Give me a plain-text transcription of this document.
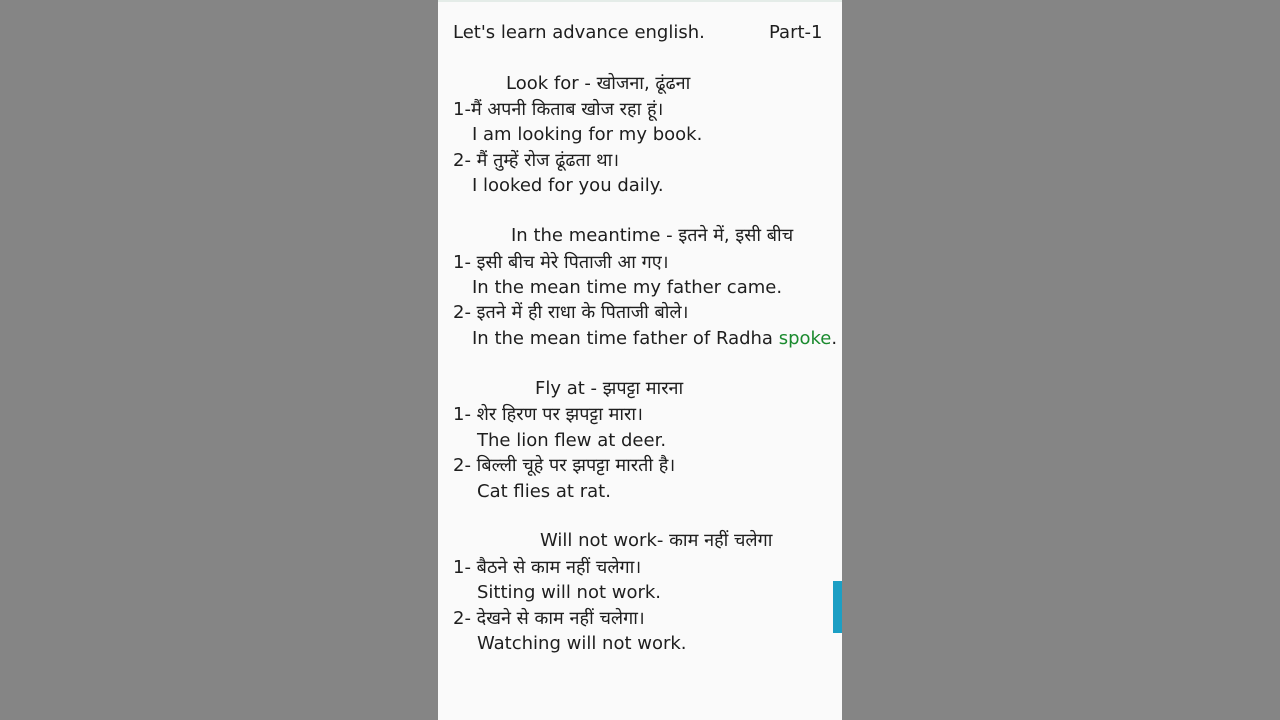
Let's learn advance english.	Part-1
Look for - खोजना, ढूंढना
1-मैं अपनी किताब खोज रहा हूं।
I am looking for my book.
2- मैं तुम्हें रोज ढूंढता था।
I looked for you daily.
In the meantime - इतने में, इसी बीच
1- इसी बीच मेरे पिताजी आ गए।
In the mean time my father came.
2- इतने में ही राधा के पिताजी बोले।
In the mean time father of Radha spoke.
Fly at - झपट्टा मारना
1- शेर हिरण पर झपट्टा मारा।
The lion flew at deer.
2- बिल्ली चूहे पर झपट्टा मारती है।
Cat flies at rat.
Will not work- काम नहीं चलेगा
1- बैठने से काम नहीं चलेगा।
Sitting will not work.
2- देखने से काम नहीं चलेगा।
Watching will not work.
